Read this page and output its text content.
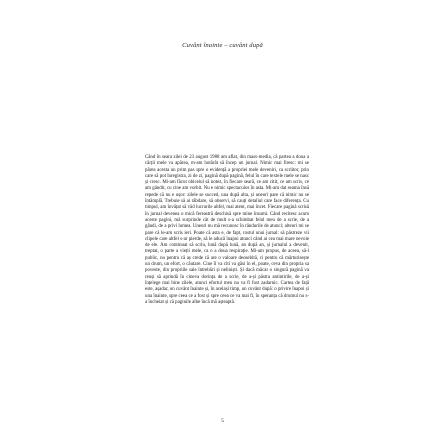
Cuvânt înainte – cuvânt după

Când în seara zilei de 23 august 1988 am aflat, din mass-media, că partea a doua a cărții mele va apărea, m-am hotărât să încep un jurnal. Nimic mai firesc: mi se părea acesta un prim pas spre o evidență a propriei mele deveniri, ca scriitor, prin care să pot înregistra, zi de zi, pagină după pagină, felul în care textele mele se nasc și cresc. Mi-am făcut obiceiul să notez, în fiecare seară, ce am citit, ce am scris, ce am gândit, cu cine am vorbit. Nu e nimic spectaculos în asta. Mi-am dat seama însă repede că nu e ușor: zilele se succed, una după alta, și uneori pare că nimic nu se întâmplă. Trebuie să ai răbdare, să observi, să cauți detaliul care face diferența. Cu timpul, am învățat să văd lucrurile altfel, mai atent, mai încet. Fiecare pagină scrisă în jurnal devenea o mică fereastră deschisă spre mine însumi. Când recitesc acum aceste pagini, mă surprinde cât de mult s-a schimbat felul meu de a scrie, de a gândi, de a privi lumea. Uneori nu mă recunosc în rândurile de atunci; alteori mi se pare că le-am scris ieri. Poate că asta e, de fapt, rostul unui jurnal: să păstreze vii clipele care altfel s-ar pierde, să le aducă înapoi atunci când ai cea mai mare nevoie de ele. Am continuat să scriu, lună după lună, an după an, și jurnalul a devenit, treptat, o parte a vieții mele, ca o a doua respirație. Mi-am propus, de aceea, să-l public, nu pentru că aș crede că are o valoare deosebită, ci pentru că mărturisește un drum, un efort, o căutare. Cine îl va citi va găsi în el, poate, ceva din propria sa poveste, din propriile sale întrebări și neliniști. Și dacă măcar o singură pagină va reuși să aprindă în cineva dorința de a scrie, de a-și păstra amintirile, de a-și înțelege mai bine zilele, atunci efortul meu nu va fi fost zadarnic. Cartea de față este, așadar, un cuvânt înainte și, în același timp, un cuvânt după: o privire înapoi și una înainte, spre ceea ce a fost și spre ceea ce va mai fi, în speranța că drumul nu s-a încheiat și că paginile albe încă mă așteaptă.

5
